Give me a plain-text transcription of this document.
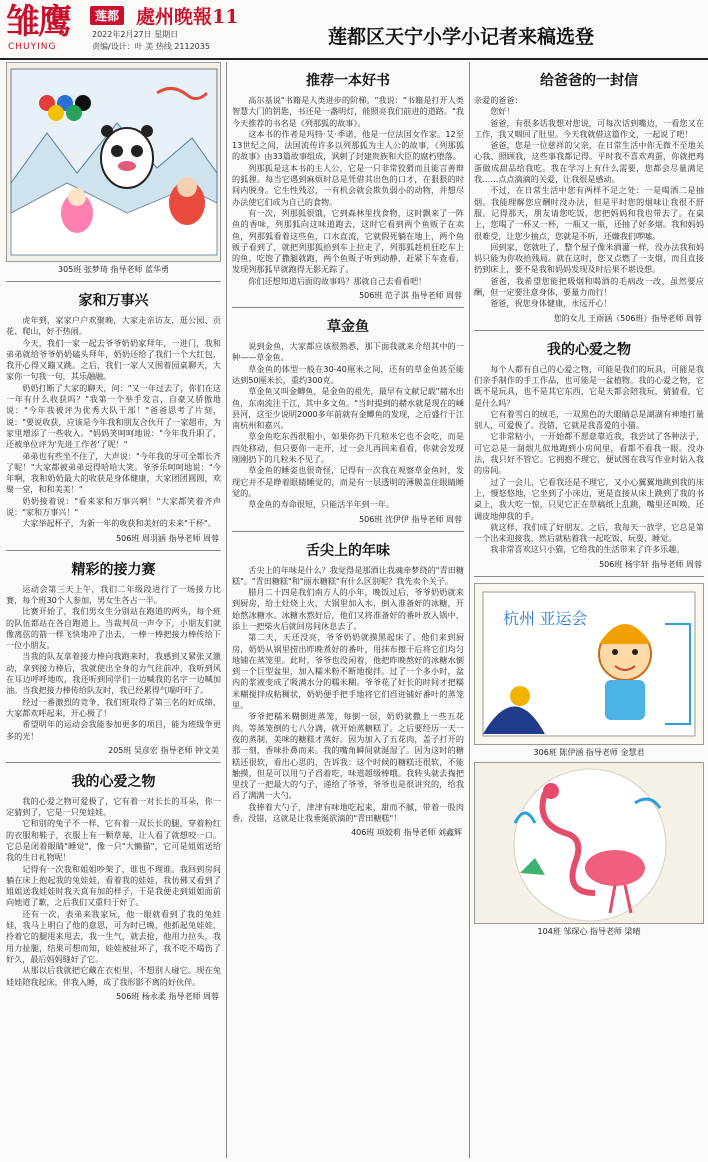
雏鹰
CHUYING
莲都 處州晚報11
2022年2月27日 星期日
责编/设计：叶 美 热线 2112035	莲都区天宁小学小记者来稿选登
305班 张梦琦 指导老师 蓝华勇
家和万事兴

虎年到，家家户户欢聚晚，大家走亲访友，逛公园、贡花、爬山，好不热闹。

今天，我们一家一起去爷爷奶奶家拜年，一进门，我和弟弟就给爷爷奶奶磕头拜年，奶奶还给了我们一个大红包，我开心得又蹦又跳。之后，我们一家人又围着园桌聊天，大家你一句我一句，其乐融融。

奶奶打断了大家的聊天，问："又一年过去了，你们在这一年有什么收获吗？"我第一个举手发言，自豪又骄傲地说："今年我被评为优秀大队干部！"爸爸思考了片刻，说："要说收获，应该是今年我和朋友合伙开了一家超市，为家里增添了一些收入。"妈妈笑呵呵地说："今年我升职了，还被单位评为'先进工作者'了呢！"

弟弟也有些坐不住了，大声说："今年我的牙可全都长齐了呢！"大家都被弟弟逗得哈哈大笑。爷爷乐呵呵地说："今年啊，我和奶奶最大的收获是身体健康，大家团团圆圆，欢聚一堂，和和美美！"

奶奶接着说："看来家和万事兴啊！"大家都笑着齐声说："家和万事兴！"

大家举起杯子，为新一年的收获和美好的未来"干杯"。

506班 周羽涵 指导老师 周蓉
精彩的接力赛

运动会第三天上午，我们二年级段进行了一场接力比赛，每个班30个人参加，男女生各占一半。

比赛开始了，我们男女生分别站在跑道的两头，每个班的队伍都站在各自跑道上。当裁判员一声令下，小朋友们就像离弦的箭一样飞快地冲了出去，一棒一棒把接力棒传给下一位小朋友。

当我的队友拿着接力棒向我跑来时，我感到又紧张又激动，拿到接力棒后，我就使出全身的力气往前冲，我听到风在耳边呼呼地吹，我还听到同学们一边喊我的名字一边喊加油。当我把接力棒传给队友时，我已经累得气喘吁吁了。

经过一番激烈的竞争，我们班取得了第三名的好成绩，大家都欢呼起来，开心极了！

希望明年的运动会我能参加更多的项目，能为班级争更多的光！

205班 吴彦宏 指导老师 钟文美
我的心爱之物

我的心爱之物可爱极了，它有着一对长长的耳朵，你一定猜到了，它是一只兔娃娃。

它和别的兔子不一样，它有着一双长长的腿，穿着粉红的衣服和鞋子，衣服上有一颗草莓，让人看了就想咬一口。它总是闭着眼睛"睡觉"，像一只"大懒猫"，它可是姐姐送给我的生日礼物呢！

记得有一次我和姐姐吵架了，谁也不理谁。我回到房间躺在床上抱起我的兔娃娃，看着我的娃娃，我仿佛又看到了姐姐送我娃娃时我天真有加的样子，于是我便走到姐姐面前向她道了歉，之后我们又重归于好了。

还有一次，表弟来我家玩，他一眼就看到了我的兔娃娃，我马上明白了他的意思，可为时已晚，他抓起兔娃娃，拎着它的腿甩来甩去，我一生气，就去抢，他用力拉头，我用力扯腿，结果可想而知，娃娃被扯坏了，我不吃不喝伤了好久，最后妈妈缝好了它。

从那以后我就把它藏在衣柜里，不想别人碰它。现在兔娃娃陪我起床，伴我入睡，成了我形影不离的好伙伴。

506班 杨永柔 指导老师 周蓉
推荐一本好书

高尔基说"书籍是人类进步的阶梯。"我说："书籍是打开人类智慧大门的钥匙，书还是一盏明灯，能照亮我们前进的道路。"我今天推荐的书名是《列那狐的故事》。

这本书的作者是玛特·艾·季诺，他是一位法国女作家。12至13世纪之间，法国流传许多以列那狐为主人公的故事，《列那狐的故事》由33篇故事组成，讽刺了封建贵族和大臣的腐朽堕落。

列那狐是这本书的主人公，它是一只非常狡猾而且能言善辩的狐狸。每当它遇到麻烦时总是凭借其出色的口才，在狠狠的时间内脱身。它生性残忍，一有机会就会欺负弱小的动物，并想尽办法使它们成为自己的食物。

有一次，列那狐很饿，它到森林里找食物，这时飘来了一阵鱼的香味，列那狐向这味道跑去，这时它看到两个鱼贩子在卖鱼，列那狐看着这些鱼，口水直流，它就假死躺在地上，两个鱼贩子看到了，就把列那狐拾到车上拉走了，列那狐趁机狂吃车上的鱼，吃饱了撒腿就跑，两个鱼贩子听到动静，赶紧下车查看，发现列那狐早就跑得无影无踪了。

你们还想知道后面的故事吗？那就自己去看看吧！

506班 范子淇 指导老师 周蓉
草金鱼

说到金鱼，大家都应该很熟悉，那下面我就来介绍其中的一种——草金鱼。

草金鱼的体型一般在30-40厘米之间，还有的草金鱼甚至能达到50厘米长，重约300克。

草金鱼又叫金鲫鱼，是金鱼的祖先，最早有文献记载"赭水出鱼，东南流注于江，其中多文鱼。"当时提到的赭水就是现在的嵊县河，这至少说明2000多年前就有金鲫鱼的发现，之后盛行于江南杭州和嘉兴。

草金鱼吃东西很粗小，如果你扔下几粒米它也不会吃，而是四处移动，但只要你一走开，过一会儿再回来看看，你就会发现刚刚扔下的几粒米不见了。

草金鱼的睡姿也很奇怪，记得有一次我在观察草金鱼时，发现它并不是睁着眼睛睡觉的，而是有一层透明的薄膜盖住眼睛睡觉的。

草金鱼的寿命很短，只能活半年到一年。

506班 沈伊伊 指导老师 周蓉
舌尖上的年味

舌尖上的年味是什么？我觉得是那酒让我魂牵梦绕的"青田糖糕"。"青田糖糕"和"丽水糖糕"有什么区别呢？我先卖个关子。

腊月二十四是我们南方人的小年，晚饭过后，爷爷奶奶就来到厨房，给土灶烧上火，大锅里加入水，倒入准备好的冰糖，开始熬冰糖水。冰糖水熬好后，他们又将准备好的番叶放入锅中，添上一把柴火后就回房间休息去了。

第二天，天还没亮，爷爷奶奶就摸黑起床了。他们来到厨房，奶奶从锅里捞出昨晚煮好的番叶，用抹布擦干后将它们均匀地铺在蒸笼里。此时，爷爷也没闲着，他把昨晚熬好的冰糖水倒到一个巨型盆里，加入糯米粉不断地搅拌。过了一个多小时，盆内的浆液变成了吸满水分的糯米糊。爷爷花了好长的时间才把糯米糊搅拌成粘稠状，奶奶便手把手地将它们舀进铺好番叶的蒸笼里。

爷爷把糯米糊倒进蒸笼，每倒一层，奶奶就撒上一些五花肉。等蒸笼倒的七八分满，就开始蒸糖糕了。之后要经历一天一夜的蒸制，美味的糖糕才蒸好。因为加入了五花肉，盖子打开的那一刻，香味扑鼻而来。我的嘴角瞬间就涎湿了。因为这时的糖糕还很软，看出心思的，告诉我：这个时候的糖糕还很软，不能触摸，但是可以用勺子舀着吃，味道超级棒哦。我转头就去掏把里找了一把最大的勺子，递给了爷爷，爷爷也是很讲究的，给我舀了满满一大勺。

我捧着大勺子，津津有味地吃起来，甜而不腻，带着一股肉香，没错，这就是让我垂涎欲滴的"青田糖糕"！

406班 项姣莉 指导老师 刘鑫辉
给爸爸的一封信

亲爱的爸爸：

您好！

爸爸，有很多话我想对您说，可每次话到嘴边，一看您又在工作，我又咽回了肚里。今天我就借这篇作文，一起说了吧！

爸爸，您是一位慈祥的父亲，在日常生活中你无微不至地关心我、照顾我，这些事我都记得。平时我不喜欢鸡蛋，你就把鸡蛋做成甜品给我吃。我在学习上有什么需要，您都会尽量满足我……点点滴滴的关爱，让我很是感动。

不过，在日常生活中您有两样不足之处：一是喝酒二是抽烟。我能理解您应酬时没办法，但是平时您的烟味让我很不舒服。记得那天，朋友请您吃饭，您把妈妈和我也带去了。在桌上，您喝了一杯又一杯，一瓶又一瓶，还抽了好多烟。我和妈妈很难受，让您少抽点，您就是不听，还嫌我们啰嗦。

回到家，您就吐了，整个屋子像米酒灌一样，没办法我和妈妈只能为你收拾残局。就在这时，您又点燃了一支烟，而且直接扔到床上，要不是我和妈妈发现及时后果不堪设想。

爸爸，我希望您能把吸烟和喝酒的毛病改一改，虽然要应酬，但一定要注意身体，要量力而行！

爸爸，祝您身体健康，永远开心！

您的女儿 王雨涵（506班）指导老师 周蓉
我的心爱之物

每个人都有自己的心爱之物，可能是我们的玩具，可能是我们亲手制作的手工作品，也可能是一盆植物。我的心爱之物，它既不是玩具，也不是其它东西，它是天都会陪我玩，猜猜看，它是什么吗？

它有着雪白的绒毛，一双黑色的大眼睛总是湖湖有神地打量别人，可爱极了。没错，它就是我喜爱的小猫。

它非常粘小，一开始都不愿意靠近我，我尝试了各种法子，可它总是一溜烟儿似地跑到小房间里，看都不看我一眼。没办法，我只好不管它。它拥抱不理它，便试图在我写作业时钻入我的房间。

过了一会儿，它看我还是不理它，又小心翼翼地跳到我的床上，慢悠悠地，它坐到了小床边，更是直接从床上跳到了我的书桌上，我大吃一惊，只见它正在草稿纸上乱跳，嘴里还叫唤，还调皮地伸我的手。

就这样，我们成了好朋友。之后，我每天一放学，它总是第一个出来迎接我，然后就粘着我一起吃饭、玩耍、睡觉。

我非常喜欢这只小猫，它给我的生活带来了许多乐趣。

506班 杨宇轩 指导老师 周蓉
杭州 亚运会
306班 陈伊涵 指导老师 金慧君
104班 邹琛心 指导老师 梁晴
